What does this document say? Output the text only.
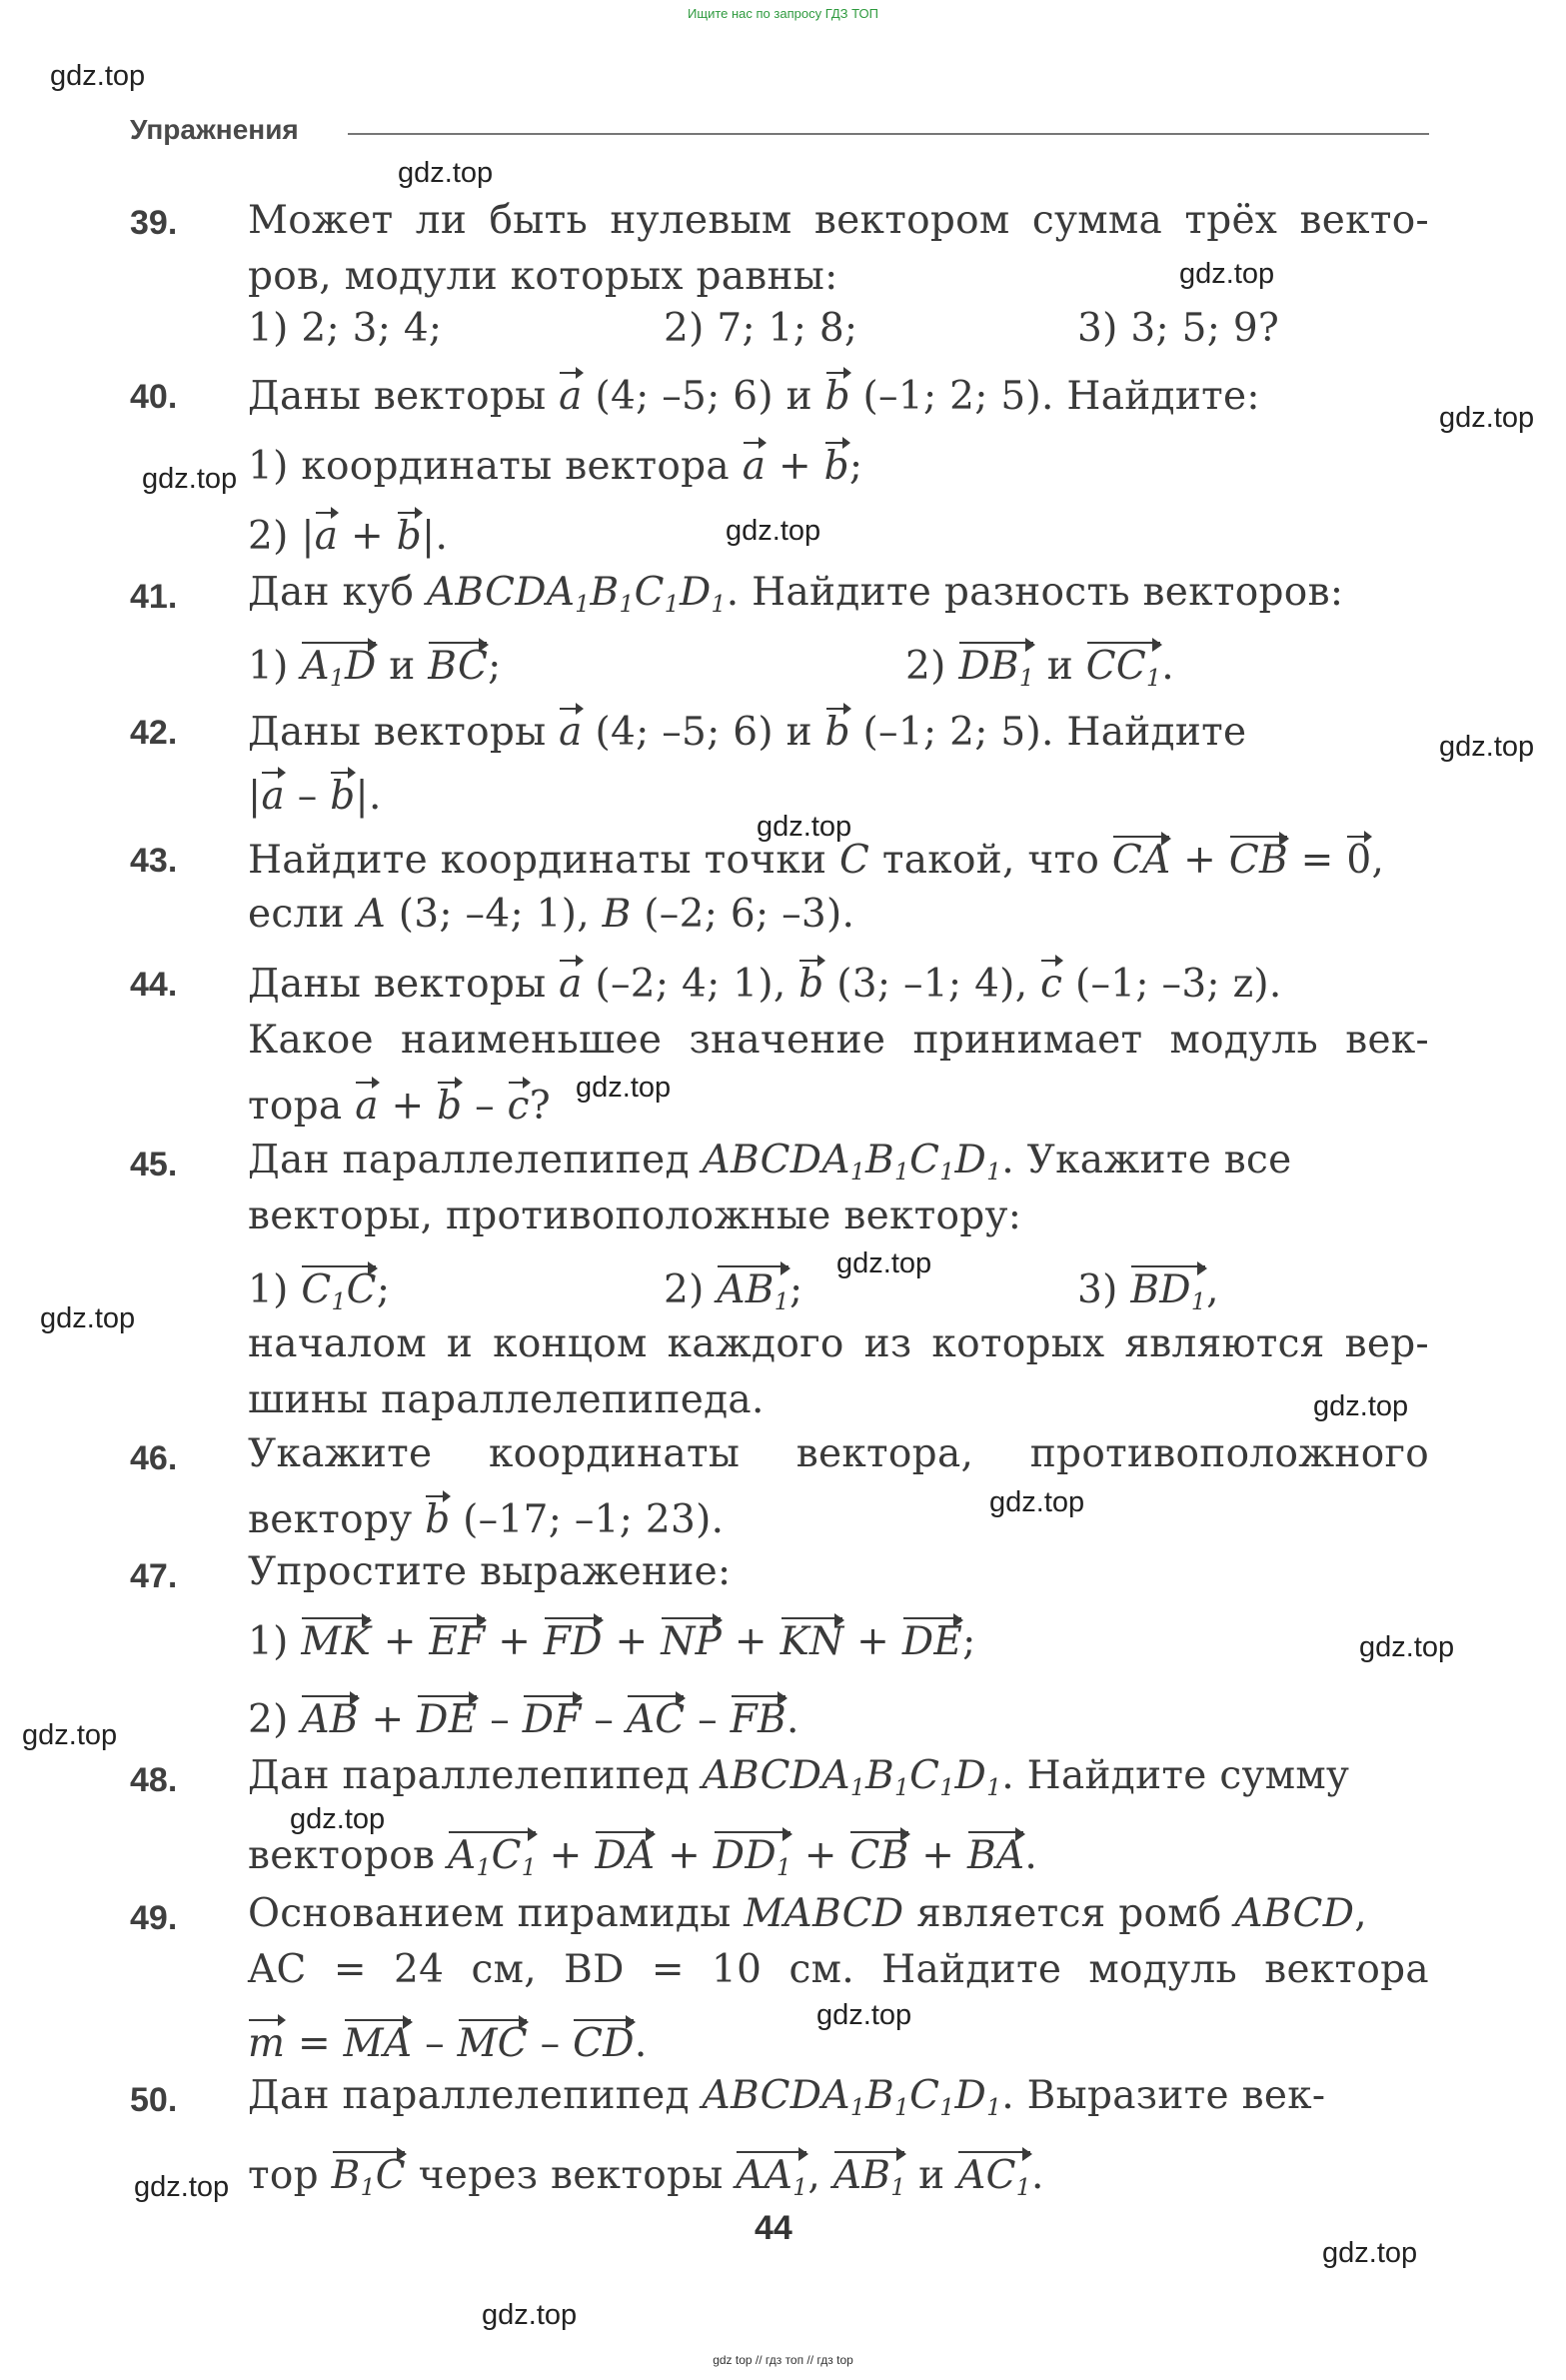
Ищите нас по запросу ГДЗ ТОП
gdz.top
gdz.top
gdz.top
gdz.top
gdz.top
gdz.top
gdz.top
gdz.top
gdz.top
gdz.top
gdz.top
gdz.top
gdz.top
gdz.top
gdz.top
gdz.top
gdz.top
gdz.top
gdz.top
gdz.top
Упражнения
39. Может ли быть нулевым вектором сумма трёх векто-
ров, модули которых равны:
1) 2; 3; 4;	2) 7; 1; 8;	3) 3; 5; 9?
40. Даны векторы a (4; –5; 6) и b (–1; 2; 5). Найдите:
1) координаты вектора a + b;
2) |a + b|.
41. Дан куб $ABCDA_1B_1C_1D_1$. Найдите разность векторов:
1) $A_1D$ и BC;	2) $DB_1$ и $CC_1$.
42. Даны векторы a (4; –5; 6) и b (–1; 2; 5). Найдите
|a – b|.
43. Найдите координаты точки C такой, что CA + CB = 0,
если A (3; –4; 1), B (–2; 6; –3).
44. Даны векторы a (–2; 4; 1), b (3; –1; 4), c (–1; –3; z).
Какое наименьшее значение принимает модуль век-
тора a + b – c?
45. Дан параллелепипед $ABCDA_1B_1C_1D_1$. Укажите все
векторы, противоположные вектору:
1) $C_1C$;	2) $AB_1$;	3) $BD_1$,
началом и концом каждого из которых являются вер-
шины параллелепипеда.
46. Укажите координаты вектора, противоположного
вектору b (–17; –1; 23).
47. Упростите выражение:
1) MK + EF + FD + NP + KN + DE;
2) AB + DE – DF – AC – FB.
48. Дан параллелепипед $ABCDA_1B_1C_1D_1$. Найдите сумму
векторов $A_1C_1$ + DA + $DD_1$ + CB + BA.
49. Основанием пирамиды MABCD является ромб ABCD,
AC = 24 см, BD = 10 см. Найдите модуль вектора
m = MA – MC – CD.
50. Дан параллелепипед $ABCDA_1B_1C_1D_1$. Выразите век-
тор $B_1C$ через векторы $AA_1$, $AB_1$ и $AC_1$.
44
gdz top // гдз топ // гдз top
